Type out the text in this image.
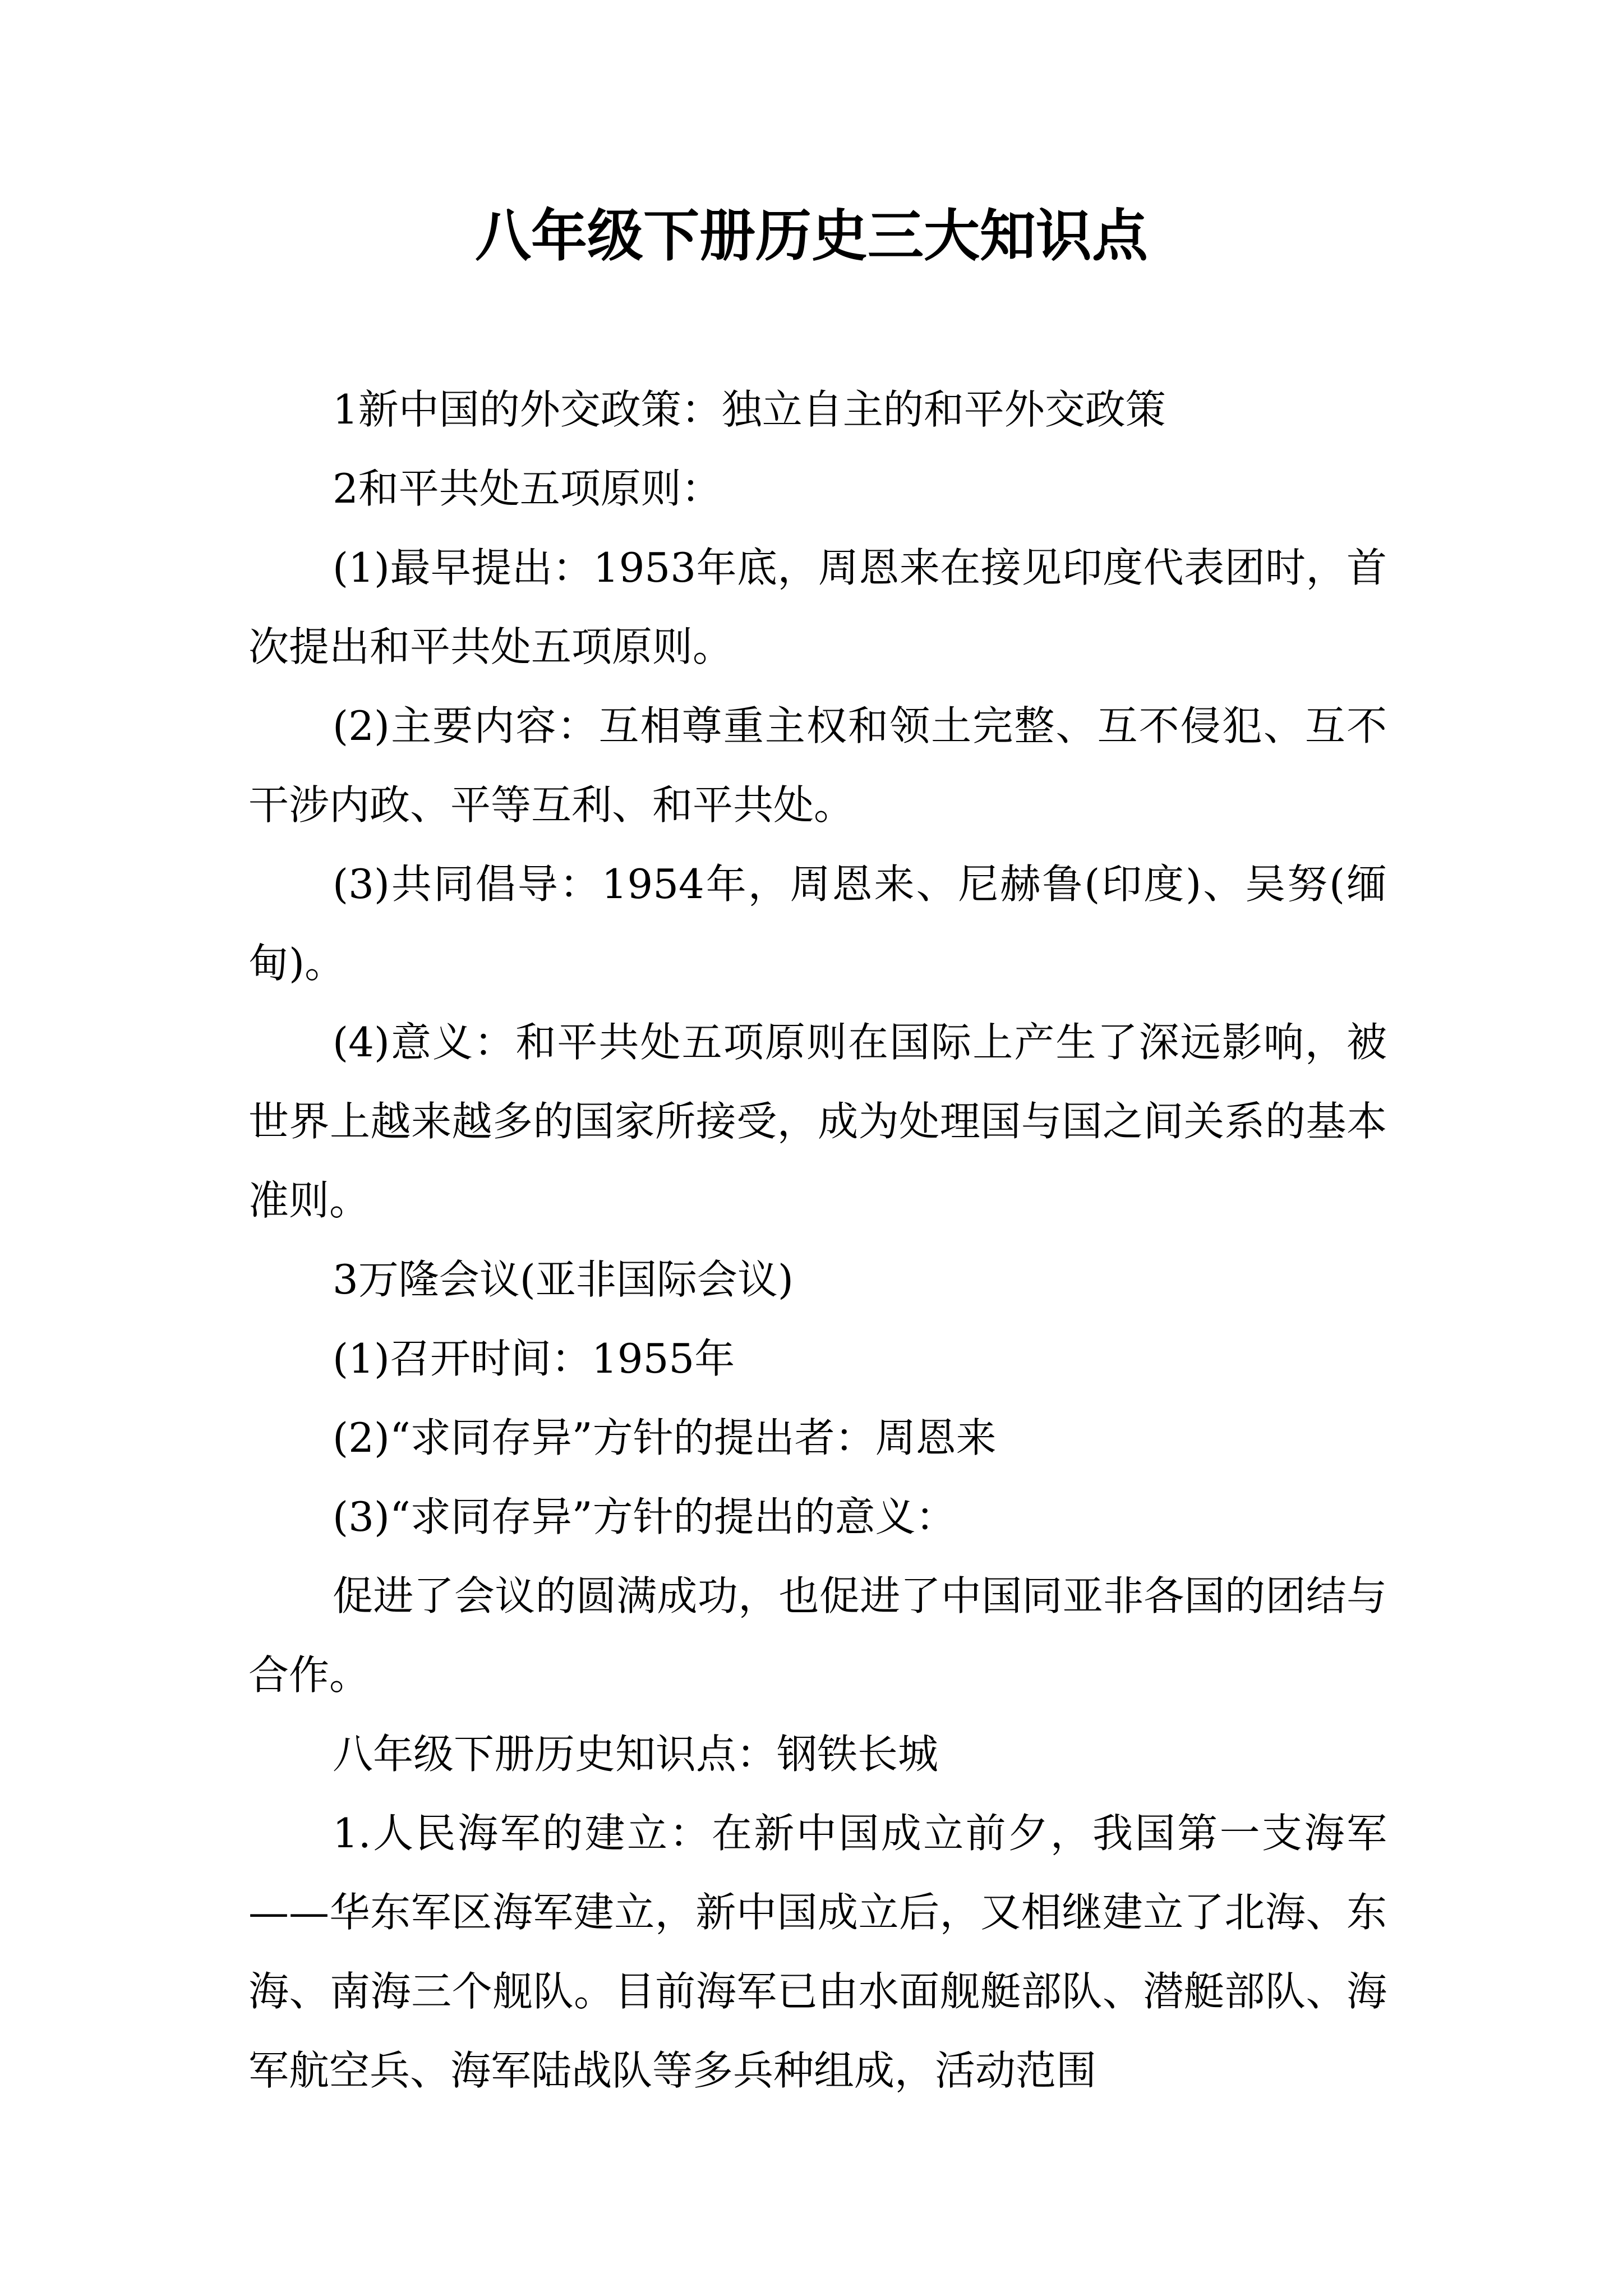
八年级下册历史三大知识点

1新中国的外交政策：独立自主的和平外交政策

2和平共处五项原则：

(1)最早提出：1953年底，周恩来在接见印度代表团时，首次提出和平共处五项原则。

(2)主要内容：互相尊重主权和领土完整、互不侵犯、互不干涉内政、平等互利、和平共处。

(3)共同倡导：1954年，周恩来、尼赫鲁(印度)、吴努(缅甸)。

(4)意义：和平共处五项原则在国际上产生了深远影响，被世界上越来越多的国家所接受，成为处理国与国之间关系的基本准则。

3万隆会议(亚非国际会议)

(1)召开时间：1955年

(2)“求同存异”方针的提出者：周恩来

(3)“求同存异”方针的提出的意义：

促进了会议的圆满成功，也促进了中国同亚非各国的团结与合作。

八年级下册历史知识点：钢铁长城

1.人民海军的建立：在新中国成立前夕，我国第一支海军——华东军区海军建立，新中国成立后，又相继建立了北海、东海、南海三个舰队。目前海军已由水面舰艇部队、潜艇部队、海军航空兵、海军陆战队等多兵种组成，活动范围
